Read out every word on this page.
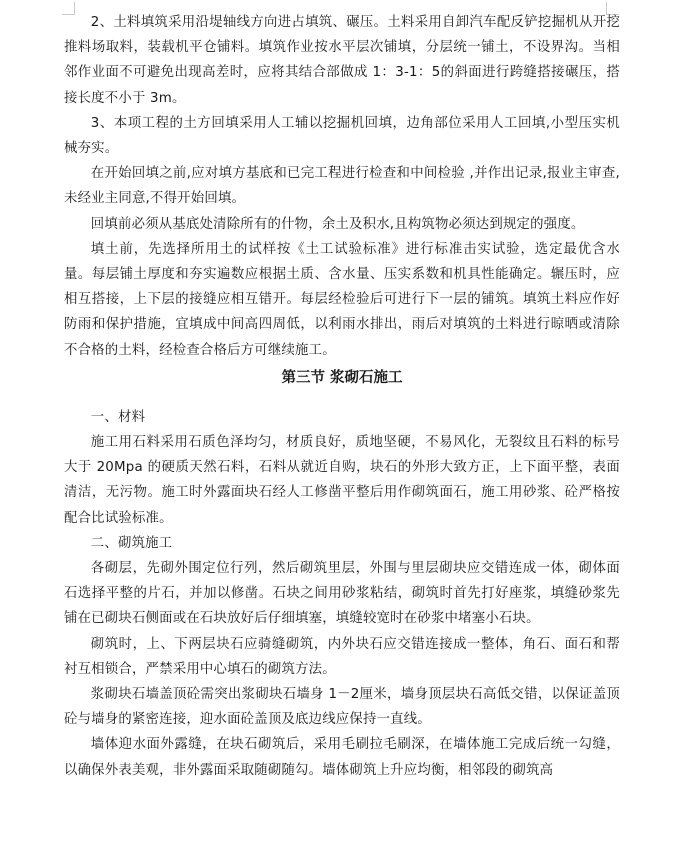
2、土料填筑采用沿堤轴线方向进占填筑、碾压。土料采用自卸汽车配反铲挖掘机从开挖推料场取料，装载机平仓铺料。填筑作业按水平层次铺填，分层统一铺土，不设界沟。当相邻作业面不可避免出现高差时，应将其结合部做成 1：3-1：5的斜面进行跨缝搭接碾压，搭接长度不小于 3m。

3、本项工程的土方回填采用人工辅以挖掘机回填，边角部位采用人工回填,小型压实机械夯实。

在开始回填之前,应对填方基底和已完工程进行检查和中间检验 ,并作出记录,报业主审查,未经业主同意,不得开始回填。

回填前必须从基底处清除所有的什物，余土及积水,且构筑物必须达到规定的强度。

填土前，先选择所用土的试样按《土工试验标准》进行标准击实试验，选定最优含水量。每层铺土厚度和夯实遍数应根据土质、含水量、压实系数和机具性能确定。辗压时，应相互搭接，上下层的接缝应相互错开。每层经检验后可进行下一层的铺筑。填筑土料应作好防雨和保护措施，宜填成中间高四周低，以利雨水排出，雨后对填筑的土料进行晾晒或清除不合格的土料，经检查合格后方可继续施工。

第三节 浆砌石施工

一、材料

施工用石料采用石质色泽均匀，材质良好，质地坚硬，不易风化，无裂纹且石料的标号大于 20Mpa 的硬质天然石料，石料从就近自购，块石的外形大致方正，上下面平整，表面清洁，无污物。施工时外露面块石经人工修凿平整后用作砌筑面石，施工用砂浆、砼严格按配合比试验标准。

二、砌筑施工

各砌层，先砌外围定位行列，然后砌筑里层，外围与里层砌块应交错连成一体，砌体面石选择平整的片石，并加以修凿。石块之间用砂浆粘结，砌筑时首先打好座浆，填缝砂浆先铺在已砌块石侧面或在石块放好后仔细填塞，填缝较宽时在砂浆中堵塞小石块。

砌筑时，上、下两层块石应骑缝砌筑，内外块石应交错连接成一整体，角石、面石和帮衬互相锁合，严禁采用中心填石的砌筑方法。

浆砌块石墙盖顶砼需突出浆砌块石墙身 1－2厘米，墙身顶层块石高低交错，以保证盖顶砼与墙身的紧密连接，迎水面砼盖顶及底边线应保持一直线。

墙体迎水面外露缝，在块石砌筑后，采用毛刷拉毛刷深，在墙体施工完成后统一勾缝，以确保外表美观，非外露面采取随砌随勾。墙体砌筑上升应均衡，相邻段的砌筑高
